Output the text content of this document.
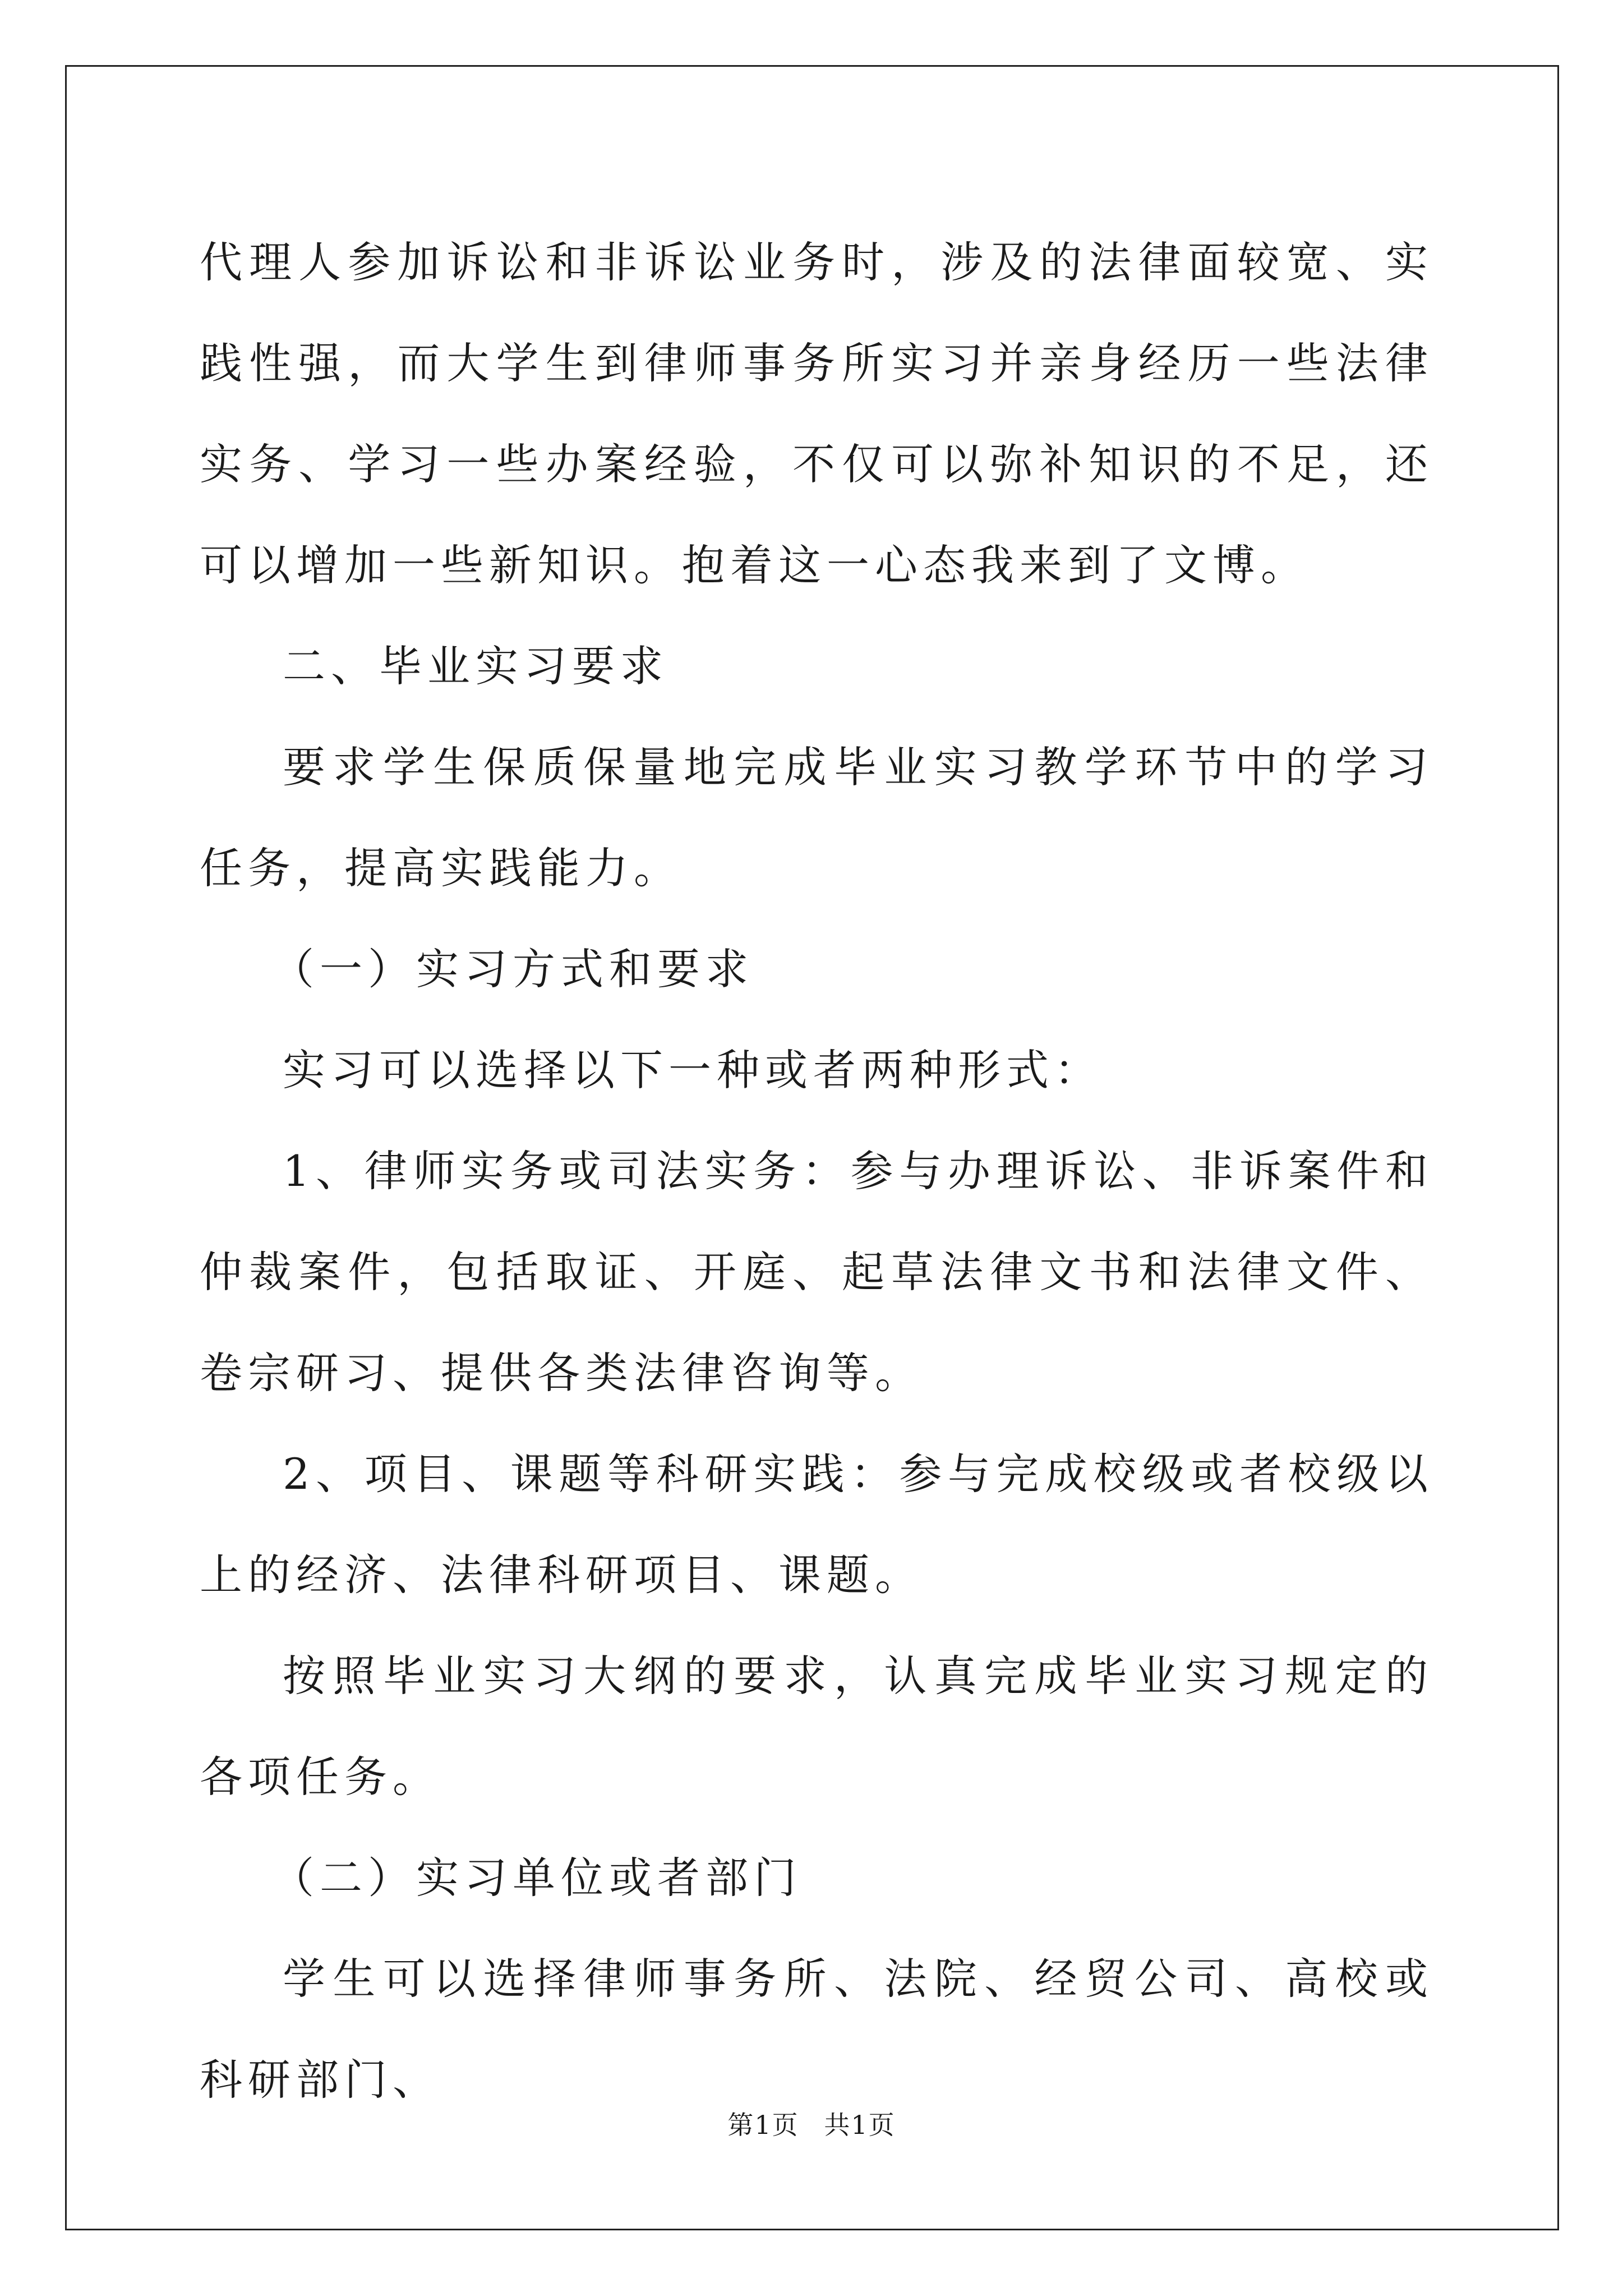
代理人参加诉讼和非诉讼业务时，涉及的法律面较宽、实践性强，而大学生到律师事务所实习并亲身经历一些法律实务、学习一些办案经验，不仅可以弥补知识的不足，还可以增加一些新知识。抱着这一心态我来到了文博。

二、毕业实习要求

要求学生保质保量地完成毕业实习教学环节中的学习任务，提高实践能力。

（一）实习方式和要求

实习可以选择以下一种或者两种形式：

1、律师实务或司法实务：参与办理诉讼、非诉案件和仲裁案件，包括取证、开庭、起草法律文书和法律文件、卷宗研习、提供各类法律咨询等。

2、项目、课题等科研实践：参与完成校级或者校级以上的经济、法律科研项目、课题。

按照毕业实习大纲的要求，认真完成毕业实习规定的各项任务。

（二）实习单位或者部门

学生可以选择律师事务所、法院、经贸公司、高校或科研部门、

第1页 共1页
